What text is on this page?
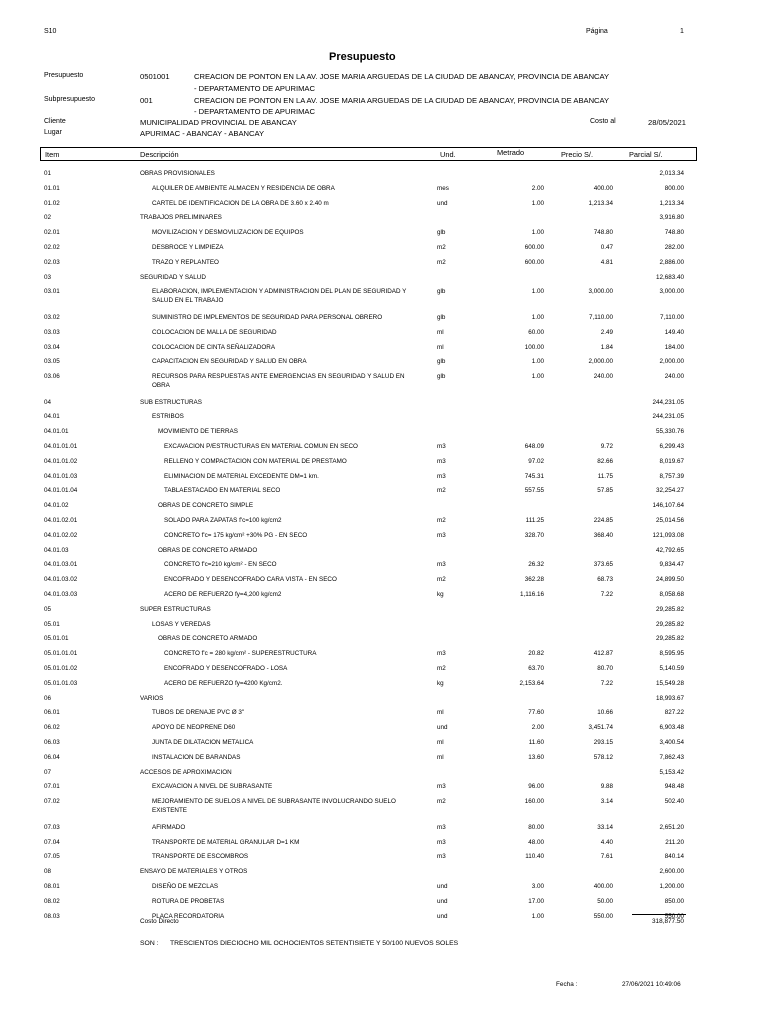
S10	Página	1
Presupuesto
Presupuesto	0501001	CREACION DE PONTON EN LA AV. JOSE MARIA ARGUEDAS DE LA CIUDAD DE ABANCAY, PROVINCIA DE ABANCAY
- DEPARTAMENTO DE APURIMAC
Subpresupuesto	001	CREACION DE PONTON EN LA AV. JOSE MARIA ARGUEDAS DE LA CIUDAD DE ABANCAY, PROVINCIA DE ABANCAY
- DEPARTAMENTO DE APURIMAC
Cliente	MUNICIPALIDAD PROVINCIAL DE ABANCAY	Costo al	28/05/2021
Lugar	APURIMAC - ABANCAY - ABANCAY
Item	Descripción	Und.	Metrado	Precio S/.	Parcial S/.
01	OBRAS PROVISIONALES	2,013.34
01.01	ALQUILER DE AMBIENTE ALMACEN Y RESIDENCIA DE OBRA	mes	2.00	400.00	800.00
01.02	CARTEL DE IDENTIFICACION DE LA OBRA DE 3.60 x 2.40 m	und	1.00	1,213.34	1,213.34
02	TRABAJOS PRELIMINARES	3,916.80
02.01	MOVILIZACION Y DESMOVILIZACION DE EQUIPOS	glb	1.00	748.80	748.80
02.02	DESBROCE Y LIMPIEZA	m2	600.00	0.47	282.00
02.03	TRAZO Y REPLANTEO	m2	600.00	4.81	2,886.00
03	SEGURIDAD Y SALUD	12,683.40
03.01	ELABORACION, IMPLEMENTACION Y ADMINISTRACION DEL PLAN DE SEGURIDAD Y SALUD EN EL TRABAJO
glb	1.00	3,000.00	3,000.00
03.02	SUMINISTRO DE IMPLEMENTOS DE SEGURIDAD PARA PERSONAL OBRERO	glb	1.00	7,110.00	7,110.00
03.03	COLOCACION DE MALLA DE SEGURIDAD	ml	60.00	2.49	149.40
03.04	COLOCACION DE CINTA SEÑALIZADORA	ml	100.00	1.84	184.00
03.05	CAPACITACION EN SEGURIDAD Y SALUD EN OBRA	glb	1.00	2,000.00	2,000.00
03.06	RECURSOS PARA RESPUESTAS ANTE EMERGENCIAS EN SEGURIDAD Y SALUD EN OBRA
glb	1.00	240.00	240.00
04	SUB ESTRUCTURAS	244,231.05
04.01	ESTRIBOS	244,231.05
04.01.01	MOVIMIENTO DE TIERRAS	55,330.76
04.01.01.01	EXCAVACION P/ESTRUCTURAS EN MATERIAL COMUN EN SECO	m3	648.09	9.72	6,299.43
04.01.01.02	RELLENO Y COMPACTACION CON MATERIAL DE PRESTAMO	m3	97.02	82.66	8,019.67
04.01.01.03	ELIMINACION DE MATERIAL EXCEDENTE DM=1 km.	m3	745.31	11.75	8,757.39
04.01.01.04	TABLAESTACADO EN MATERIAL SECO	m2	557.55	57.85	32,254.27
04.01.02	OBRAS DE CONCRETO SIMPLE	146,107.64
04.01.02.01	SOLADO PARA ZAPATAS f'c=100 kg/cm2	m2	111.25	224.85	25,014.56
04.01.02.02	CONCRETO f'c= 175 kg/cm² +30% PG - EN SECO	m3	328.70	368.40	121,093.08
04.01.03	OBRAS DE CONCRETO ARMADO	42,792.65
04.01.03.01	CONCRETO f'c=210 kg/cm² - EN SECO	m3	26.32	373.65	9,834.47
04.01.03.02	ENCOFRADO Y DESENCOFRADO CARA VISTA - EN SECO	m2	362.28	68.73	24,899.50
04.01.03.03	ACERO DE REFUERZO fy=4,200 kg/cm2	kg	1,116.16	7.22	8,058.68
05	SUPER ESTRUCTURAS	29,285.82
05.01	LOSAS Y VEREDAS	29,285.82
05.01.01	OBRAS DE CONCRETO ARMADO	29,285.82
05.01.01.01	CONCRETO f'c = 280 kg/cm² - SUPERESTRUCTURA	m3	20.82	412.87	8,595.95
05.01.01.02	ENCOFRADO Y DESENCOFRADO - LOSA	m2	63.70	80.70	5,140.59
05.01.01.03	ACERO DE REFUERZO fy=4200 Kg/cm2.	kg	2,153.64	7.22	15,549.28
06	VARIOS	18,993.67
06.01	TUBOS DE DRENAJE PVC Ø 3"	ml	77.60	10.66	827.22
06.02	APOYO DE NEOPRENE D60	und	2.00	3,451.74	6,903.48
06.03	JUNTA DE DILATACION METALICA	ml	11.60	293.15	3,400.54
06.04	INSTALACION DE BARANDAS	ml	13.60	578.12	7,862.43
07	ACCESOS DE APROXIMACION	5,153.42
07.01	EXCAVACION A NIVEL DE SUBRASANTE	m3	96.00	9.88	948.48
07.02	MEJORAMIENTO DE SUELOS A NIVEL DE SUBRASANTE INVOLUCRANDO SUELO EXISTENTE
m2	160.00	3.14	502.40
07.03	AFIRMADO	m3	80.00	33.14	2,651.20
07.04	TRANSPORTE DE MATERIAL GRANULAR D=1 KM	m3	48.00	4.40	211.20
07.05	TRANSPORTE DE ESCOMBROS	m3	110.40	7.61	840.14
08	ENSAYO DE MATERIALES Y OTROS	2,600.00
08.01	DISEÑO DE MEZCLAS	und	3.00	400.00	1,200.00
08.02	ROTURA DE PROBETAS	und	17.00	50.00	850.00
08.03	PLACA RECORDATORIA	und	1.00	550.00	550.00
Costo Directo	318,877.50
SON : TRESCIENTOS DIECIOCHO MIL OCHOCIENTOS SETENTISIETE Y 50/100 NUEVOS SOLES
Fecha :	27/06/2021 10:49:06
